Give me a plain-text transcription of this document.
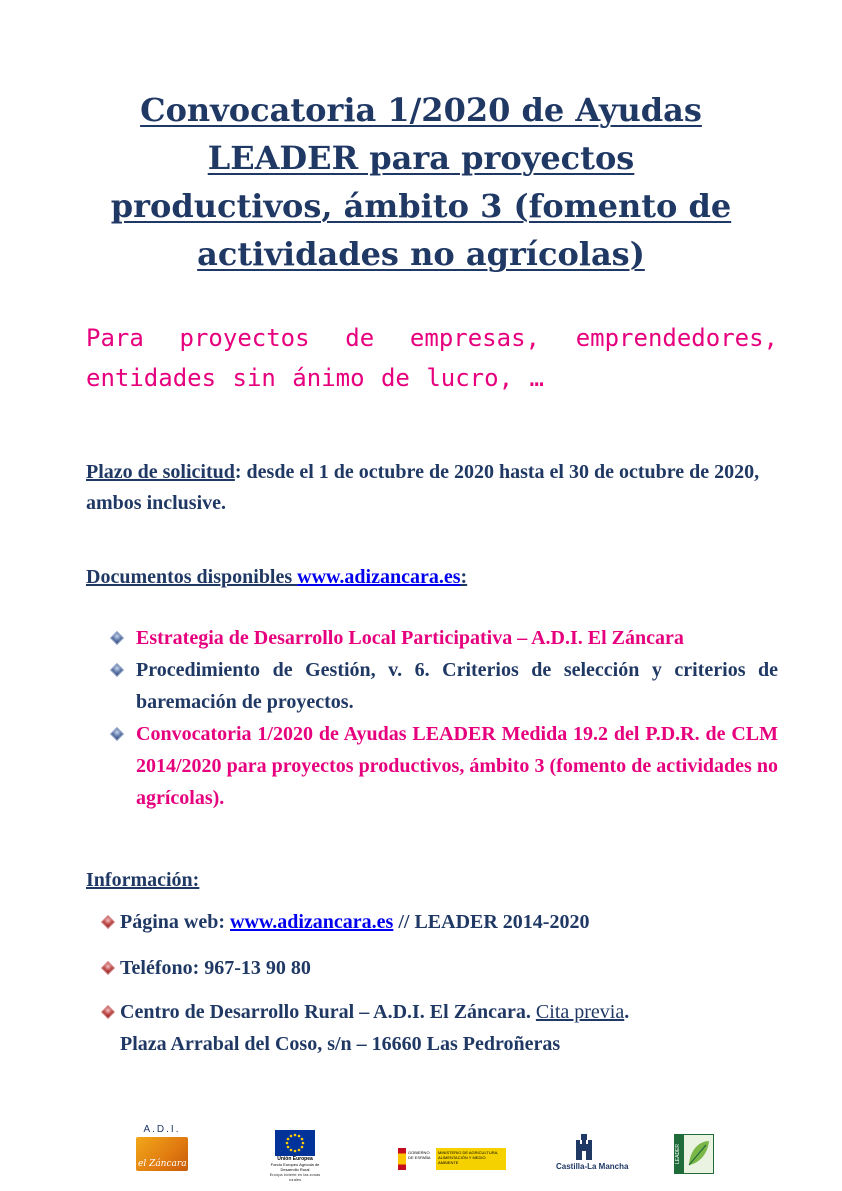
Convocatoria 1/2020 de Ayudas
LEADER para proyectos
productivos, ámbito 3 (fomento de
actividades no agrícolas)

Para proyectos de empresas, emprendedores, entidades sin ánimo de lucro, …

Plazo de solicitud: desde el 1 de octubre de 2020 hasta el 30 de octubre de 2020, ambos inclusive.

Documentos disponibles www.adizancara.es:

Estrategia de Desarrollo Local Participativa – A.D.I. El Záncara
Procedimiento de Gestión, v. 6. Criterios de selección y criterios de baremación de proyectos.
Convocatoria 1/2020 de Ayudas LEADER Medida 19.2 del P.D.R. de CLM 2014/2020 para proyectos productivos, ámbito 3 (fomento de actividades no agrícolas).

Información:

Página web: www.adizancara.es // LEADER 2014-2020

Teléfono: 967-13 90 80

Centro de Desarrollo Rural – A.D.I. El Záncara. Cita previa.
Plaza Arrabal del Coso, s/n – 16660 Las Pedroñeras

A.D.I.
el Záncara	Unión Europea
Fondo Europeo Agrícola de Desarrollo Rural
Europa invierte en las zonas rurales
GOBIERNO DE ESPAÑA
MINISTERIO DE AGRICULTURA, ALIMENTACIÓN Y MEDIO AMBIENTE	Castilla-La Mancha
LEADER
